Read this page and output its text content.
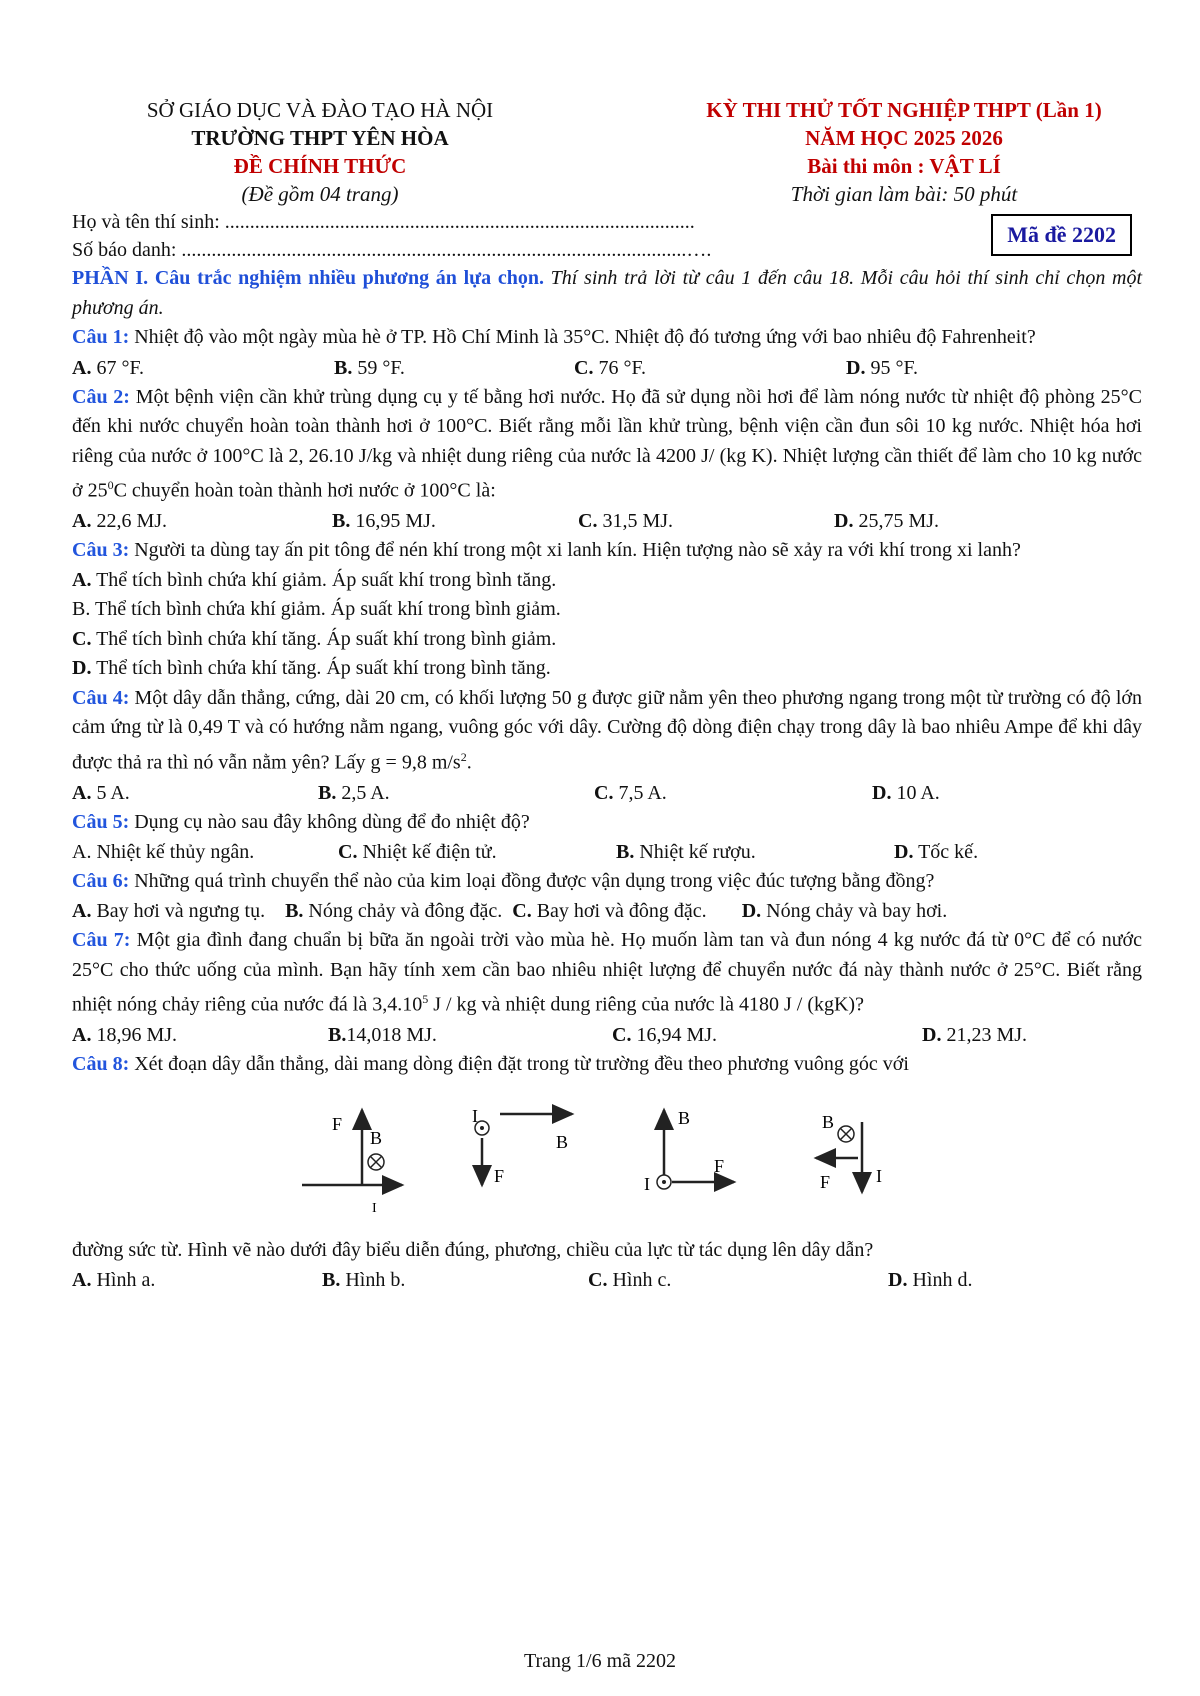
SỞ GIÁO DỤC VÀ ĐÀO TẠO HÀ NỘI
TRƯỜNG THPT YÊN HÒA
ĐỀ CHÍNH THỨC
(Đề gồm 04 trang)
KỲ THI THỬ TỐT NGHIỆP THPT (Lần 1)
NĂM HỌC 2025 2026
Bài thi môn : VẬT LÍ
Thời gian làm bài: 50 phút
Mã đề 2202

Họ và tên thí sinh: ..............................................................................................

Số báo danh: .....................................................................................................….

PHẦN I. Câu trắc nghiệm nhiều phương án lựa chọn. Thí sinh trả lời từ câu 1 đến câu 18. Mỗi câu hỏi thí sinh chỉ chọn một phương án.

Câu 1: Nhiệt độ vào một ngày mùa hè ở TP. Hồ Chí Minh là 35°C. Nhiệt độ đó tương ứng với bao nhiêu độ Fahrenheit?

A. 67 °F.	B. 59 °F.	C. 76 °F.	D. 95 °F.

Câu 2: Một bệnh viện cần khử trùng dụng cụ y tế bằng hơi nước. Họ đã sử dụng nồi hơi để làm nóng nước từ nhiệt độ phòng 25°C đến khi nước chuyển hoàn toàn thành hơi ở 100°C. Biết rằng mỗi lần khử trùng, bệnh viện cần đun sôi 10 kg nước. Nhiệt hóa hơi riêng của nước ở 100°C là 2, 26.10 J/kg và nhiệt dung riêng của nước là 4200 J/ (kg K). Nhiệt lượng cần thiết để làm cho 10 kg nước ở $25^0C$ chuyển hoàn toàn thành hơi nước ở 100°C là:

A. 22,6 MJ.	B. 16,95 MJ.	C. 31,5 MJ.	D. 25,75 MJ.

Câu 3: Người ta dùng tay ấn pit tông để nén khí trong một xi lanh kín. Hiện tượng nào sẽ xảy ra với khí trong xi lanh?

A. Thể tích bình chứa khí giảm. Áp suất khí trong bình tăng.

B. Thể tích bình chứa khí giảm. Áp suất khí trong bình giảm.

C. Thể tích bình chứa khí tăng. Áp suất khí trong bình giảm.

D. Thể tích bình chứa khí tăng. Áp suất khí trong bình tăng.

Câu 4: Một dây dẫn thẳng, cứng, dài 20 cm, có khối lượng 50 g được giữ nằm yên theo phương ngang trong một từ trường có độ lớn cảm ứng từ là 0,49 T và có hướng nằm ngang, vuông góc với dây. Cường độ dòng điện chạy trong dây là bao nhiêu Ampe để khi dây được thả ra thì nó vẫn nằm yên? Lấy g = 9,8 $m/s^2$.

A. 5 A.	B. 2,5 A.	C. 7,5 A.	D. 10 A.

Câu 5: Dụng cụ nào sau đây không dùng để đo nhiệt độ?

A. Nhiệt kế thủy ngân.	C. Nhiệt kế điện tử.	B. Nhiệt kế rượu.	D. Tốc kế.

Câu 6: Những quá trình chuyển thể nào của kim loại đồng được vận dụng trong việc đúc tượng bằng đồng?

A. Bay hơi và ngưng tụ. B. Nóng chảy và đông đặc. C. Bay hơi và đông đặc. D. Nóng chảy và bay hơi.

Câu 7: Một gia đình đang chuẩn bị bữa ăn ngoài trời vào mùa hè. Họ muốn làm tan và đun nóng 4 kg nước đá từ 0°C để có nước 25°C cho thức uống của mình. Bạn hãy tính xem cần bao nhiêu nhiệt lượng để chuyển nước đá này thành nước ở 25°C. Biết rằng nhiệt nóng chảy riêng của nước đá là 3,4.10$^5$ J / kg và nhiệt dung riêng của nước là 4180 J / (kgK)?

A. 18,96 MJ.	B.14,018 MJ.	C. 16,94 MJ.	D. 21,23 MJ.

Câu 8: Xét đoạn dây dẫn thẳng, dài mang dòng điện đặt trong từ trường đều theo phương vuông góc với

F
B
I
I
F
B
B
F
I
B
F	I

đường sức từ. Hình vẽ nào dưới đây biểu diễn đúng, phương, chiều của lực từ tác dụng lên dây dẫn?

A. Hình a.	B. Hình b.	C. Hình c.	D. Hình d.
Trang 1/6 mã 2202
